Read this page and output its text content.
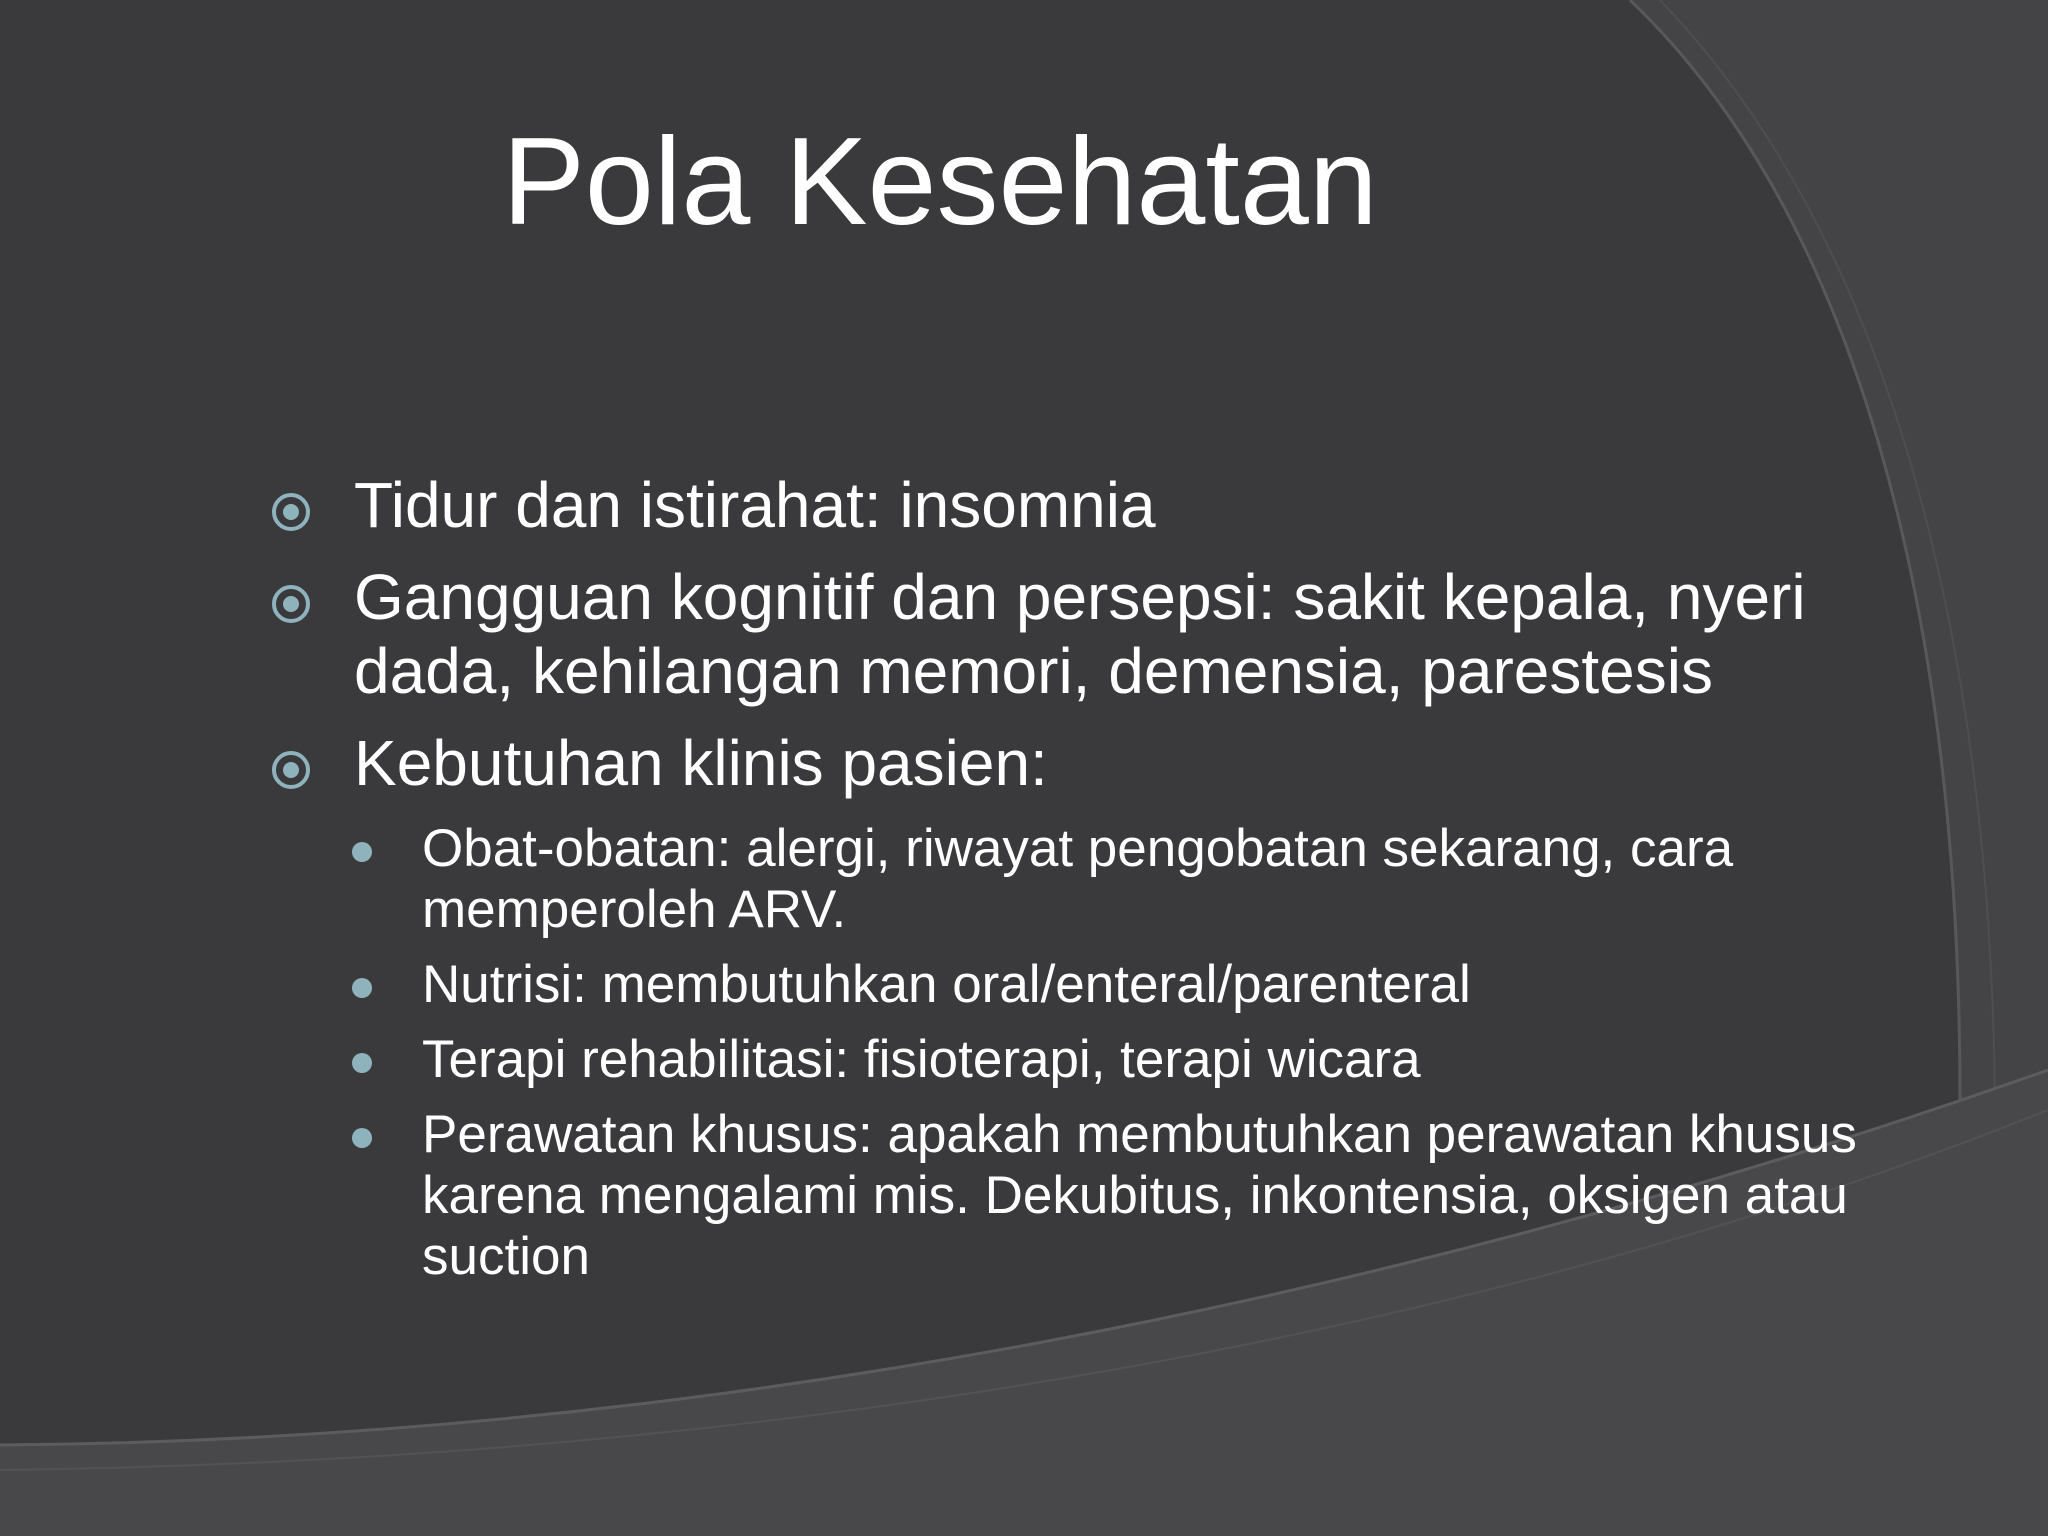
Pola Kesehatan
Tidur dan istirahat: insomnia
Gangguan kognitif dan persepsi: sakit kepala, nyeri dada, kehilangan memori, demensia, parestesis
Kebutuhan klinis pasien:
Obat-obatan: alergi, riwayat pengobatan sekarang, cara memperoleh ARV.
Nutrisi: membutuhkan oral/enteral/parenteral
Terapi rehabilitasi: fisioterapi, terapi wicara
Perawatan khusus: apakah membutuhkan perawatan khusus karena mengalami mis. Dekubitus, inkontensia, oksigen atau suction
